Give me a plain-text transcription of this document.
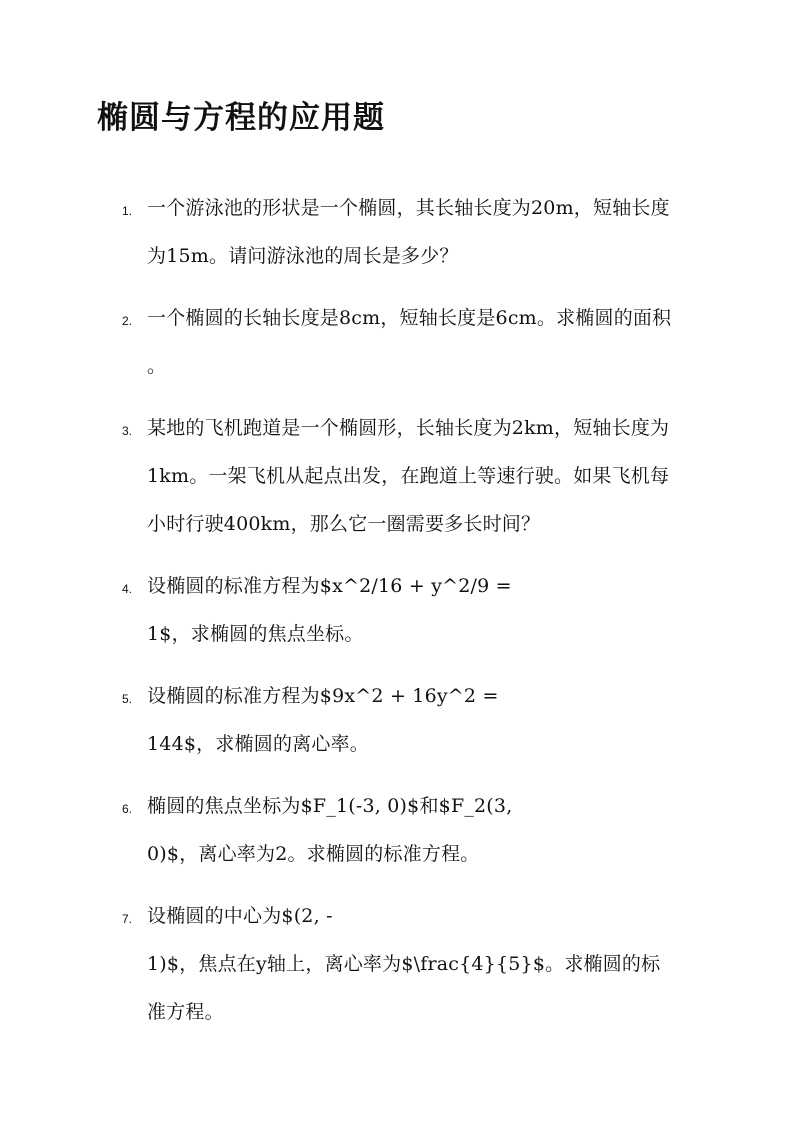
椭圆与方程的应用题
1. 一个游泳池的形状是一个椭圆，其长轴长度为20m，短轴长度
为15m。请问游泳池的周长是多少？
2. 一个椭圆的长轴长度是8cm，短轴长度是6cm。求椭圆的面积
。
3. 某地的飞机跑道是一个椭圆形，长轴长度为2km，短轴长度为
1km。一架飞机从起点出发，在跑道上等速行驶。如果飞机每
小时行驶400km，那么它一圈需要多长时间？
4. 设椭圆的标准方程为$x^2/16 + y^2/9 =
1$，求椭圆的焦点坐标。
5. 设椭圆的标准方程为$9x^2 + 16y^2 =
144$，求椭圆的离心率。
6. 椭圆的焦点坐标为$F_1(-3, 0)$和$F_2(3,
0)$，离心率为2。求椭圆的标准方程。
7. 设椭圆的中心为$(2, -
1)$，焦点在y轴上，离心率为$\frac{4}{5}$。求椭圆的标
准方程。
